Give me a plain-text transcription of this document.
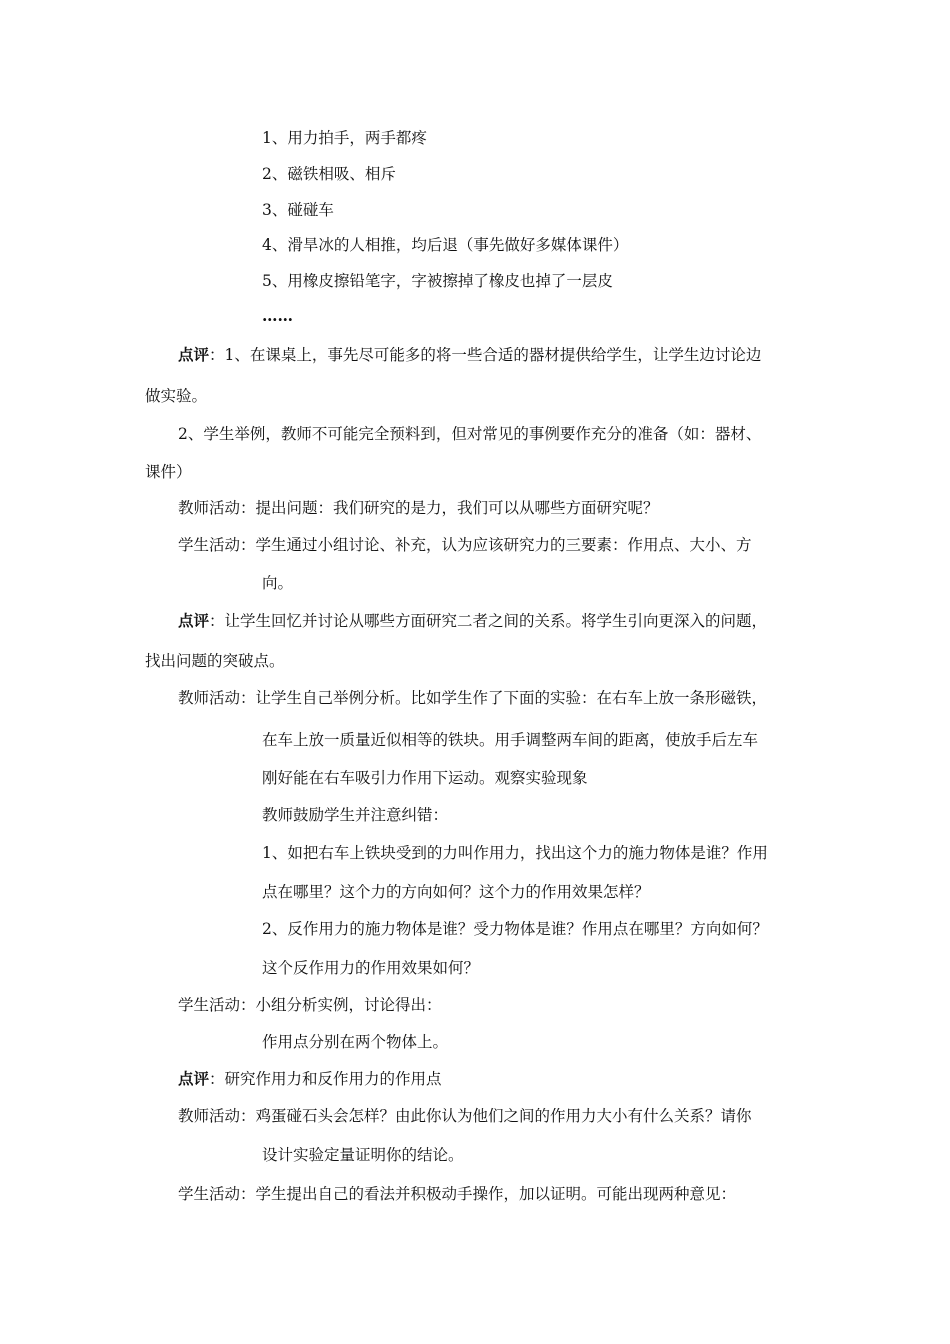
1、用力拍手，两手都疼
2、磁铁相吸、相斥
3、碰碰车
4、滑旱冰的人相推，均后退（事先做好多媒体课件）
5、用橡皮擦铅笔字，字被擦掉了橡皮也掉了一层皮
……
点评：1、在课桌上，事先尽可能多的将一些合适的器材提供给学生，让学生边讨论边
做实验。
2、学生举例，教师不可能完全预料到，但对常见的事例要作充分的准备（如：器材、
课件）
教师活动：提出问题：我们研究的是力，我们可以从哪些方面研究呢？
学生活动：学生通过小组讨论、补充，认为应该研究力的三要素：作用点、大小、方
向。
点评：让学生回忆并讨论从哪些方面研究二者之间的关系。将学生引向更深入的问题，
找出问题的突破点。
教师活动：让学生自己举例分析。比如学生作了下面的实验：在右车上放一条形磁铁，
在车上放一质量近似相等的铁块。用手调整两车间的距离，使放手后左车
刚好能在右车吸引力作用下运动。观察实验现象
教师鼓励学生并注意纠错：
1、如把右车上铁块受到的力叫作用力，找出这个力的施力物体是谁？作用
点在哪里？这个力的方向如何？这个力的作用效果怎样？
2、反作用力的施力物体是谁？受力物体是谁？作用点在哪里？方向如何？
这个反作用力的作用效果如何？
学生活动：小组分析实例，讨论得出：
作用点分别在两个物体上。
点评：研究作用力和反作用力的作用点
教师活动：鸡蛋碰石头会怎样？由此你认为他们之间的作用力大小有什么关系？请你
设计实验定量证明你的结论。
学生活动：学生提出自己的看法并积极动手操作，加以证明。可能出现两种意见：
